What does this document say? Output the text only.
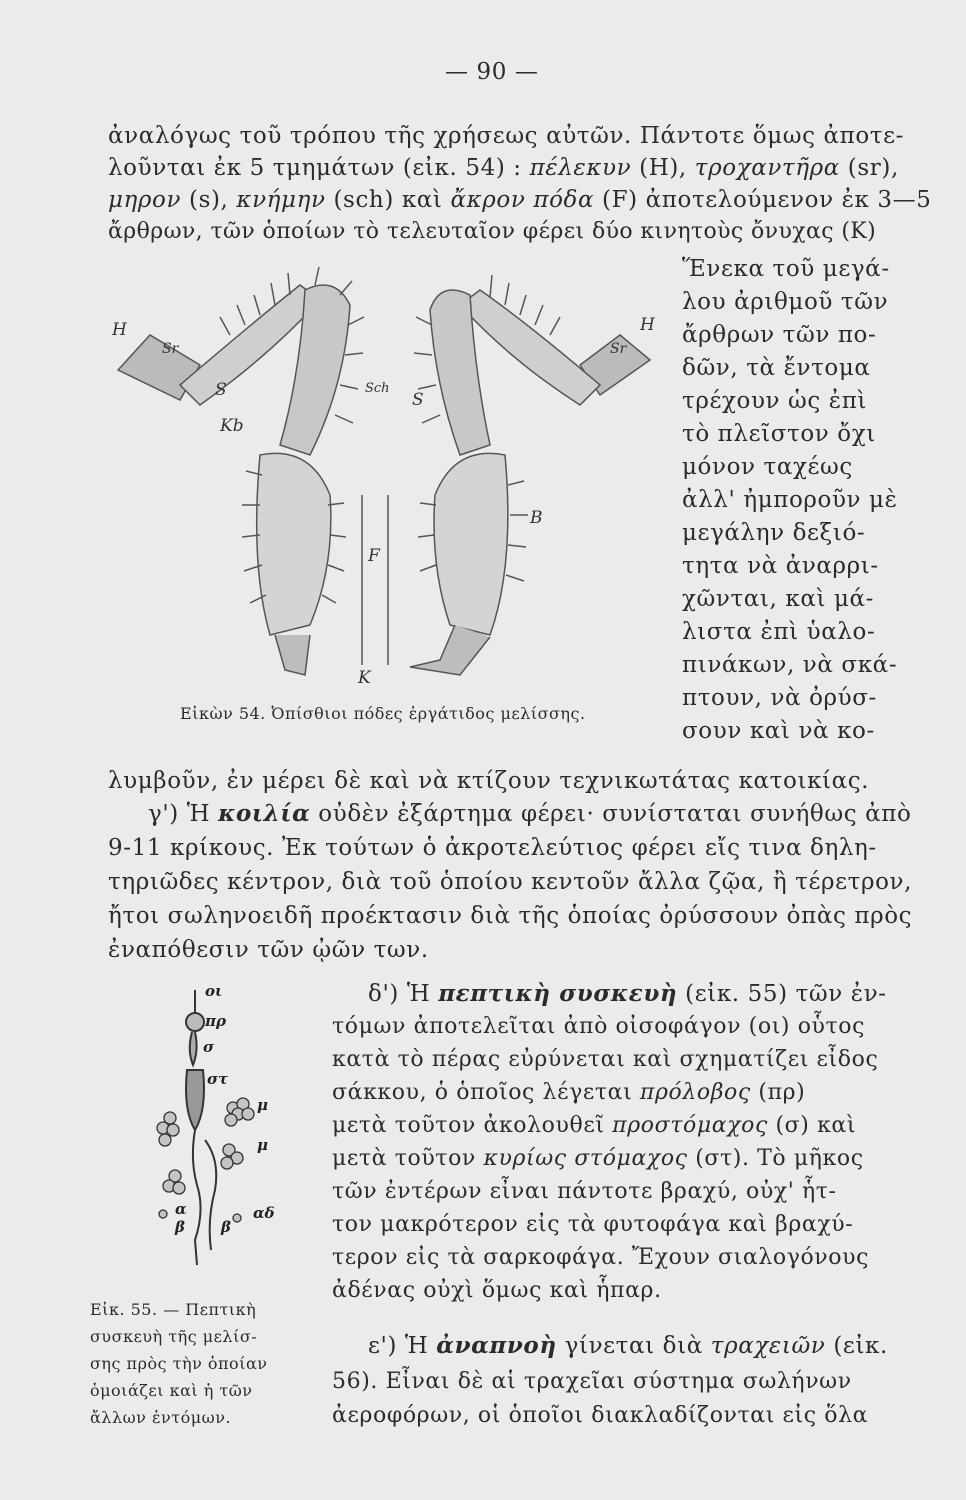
— 90 —
ἀναλόγως τοῦ τρόπου τῆς χρήσεως αὐτῶν. Πάντοτε ὅμως ἀποτε-
λοῦνται ἐκ 5 τμημάτων (εἰκ. 54) : πέλεκυν (H), τροχαντῆρα (sr),
μηρον (s), κνήμην (sch) καὶ ἄκρον πόδα (F) ἀποτελούμενον ἐκ 3—5
ἄρθρων, τῶν ὁποίων τὸ τελευταῖον φέρει δύο κινητοὺς ὄνυχας (K)
Ἕνεκα τοῦ μεγά-
λου ἀριθμοῦ τῶν
ἄρθρων τῶν πο-
δῶν, τὰ ἔντομα
τρέχουν ὡς ἐπὶ
τὸ πλεῖστον ὄχι
μόνον ταχέως
ἀλλ' ἠμποροῦν μὲ
μεγάλην δεξιό-
τητα νὰ ἀναρρι-
χῶνται, καὶ μά-
λιστα ἐπὶ ὑαλο-
πινάκων, νὰ σκά-
πτουν, νὰ ὀρύσ-
σουν καὶ νὰ κο-
H
Sr
S
Kb
Sch
H
Sr
S
B
F
K
Εἰκὼν 54. Ὀπίσθιοι πόδες ἐργάτιδος μελίσσης.
λυμβοῦν, ἐν μέρει δὲ καὶ νὰ κτίζουν τεχνικωτάτας κατοικίας.
γ') Ἡ κοιλία οὐδὲν ἐξάρτημα φέρει· συνίσταται συνήθως ἀπὸ
9-11 κρίκους. Ἐκ τούτων ὁ ἀκροτελεύτιος φέρει εἴς τινα δηλη-
τηριῶδες κέντρον, διὰ τοῦ ὁποίου κεντοῦν ἄλλα ζῷα, ἢ τέρετρον,
ἤτοι σωληνοειδῆ προέκτασιν διὰ τῆς ὁποίας ὀρύσσουν ὀπὰς πρὸς
ἐναπόθεσιν τῶν ᾠῶν των.
δ') Ἡ πεπτικὴ συσκευὴ (εἰκ. 55) τῶν ἐν-
τόμων ἀποτελεῖται ἀπὸ οἰσοφάγον (οι) οὗτος
κατὰ τὸ πέρας εὐρύνεται καὶ σχηματίζει εἶδος
σάκκου, ὁ ὁποῖος λέγεται πρόλοβος (πρ)
μετὰ τοῦτον ἀκολουθεῖ προστόμαχος (σ) καὶ
μετὰ τοῦτον κυρίως στόμαχος (στ). Τὸ μῆκος
τῶν ἐντέρων εἶναι πάντοτε βραχύ, οὐχ' ἧτ-
τον μακρότερον εἰς τὰ φυτοφάγα καὶ βραχύ-
τερον εἰς τὰ σαρκοφάγα. Ἔχουν σιαλογόνους
ἀδένας οὐχὶ ὅμως καὶ ἧπαρ.
οι
πρ
σ
στ
μ
μ
α
β β
αδ
Εἰκ. 55. — Πεπτικὴ
συσκευὴ τῆς μελίσ-
σης πρὸς τὴν ὁποίαν
ὁμοιάζει καὶ ἡ τῶν
ἄλλων ἐντόμων.
ε') Ἡ ἀναπνοὴ γίνεται διὰ τραχειῶν (εἰκ.
56). Εἶναι δὲ αἱ τραχεῖαι σύστημα σωλήνων
ἀεροφόρων, οἱ ὁποῖοι διακλαδίζονται εἰς ὅλα
